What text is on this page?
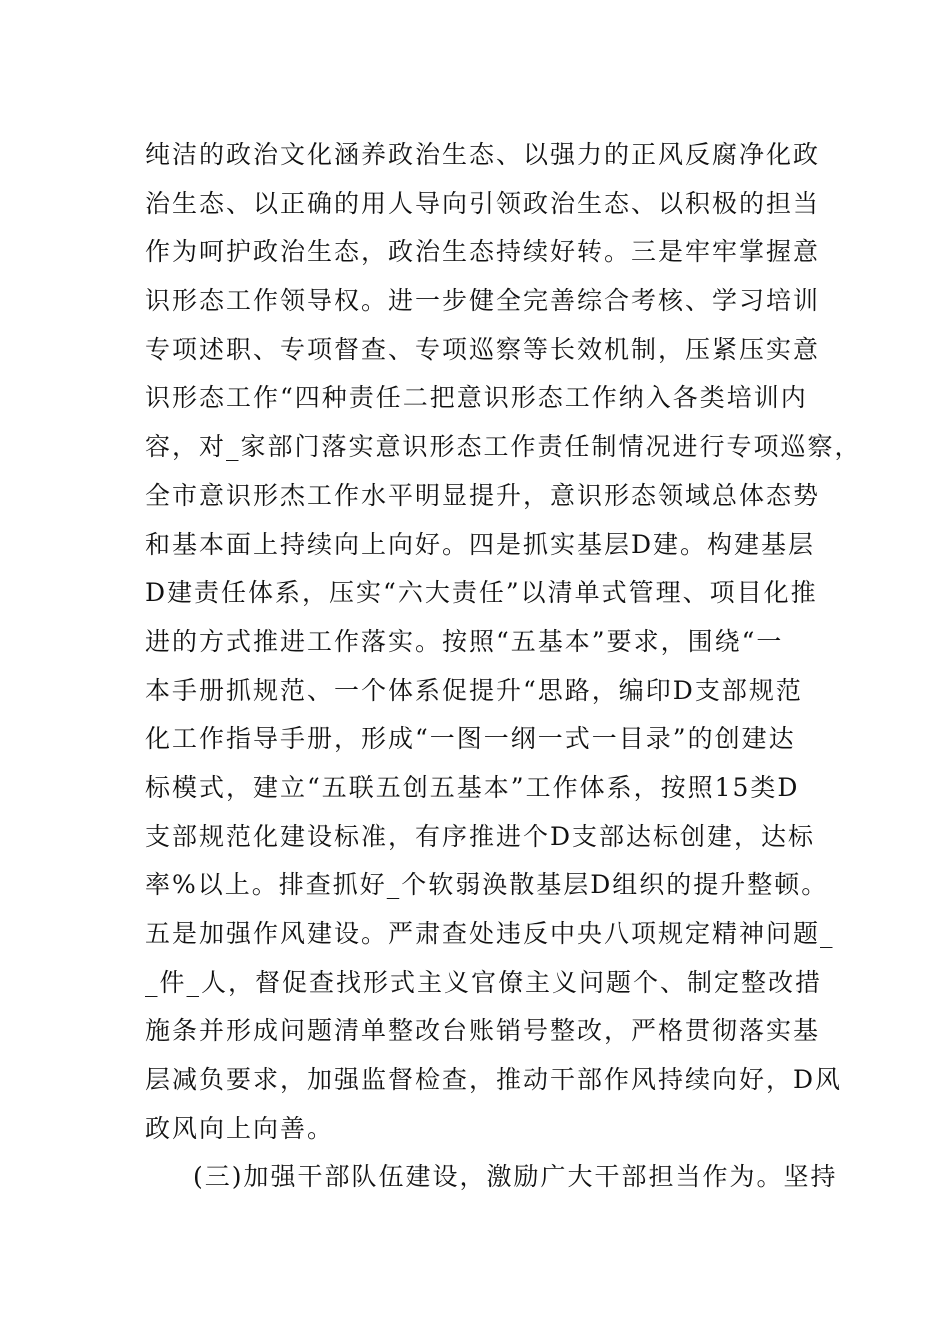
纯洁的政治文化涵养政治生态、以强力的正风反腐净化政
治生态、以正确的用人导向引领政治生态、以积极的担当
作为呵护政治生态，政治生态持续好转。三是牢牢掌握意
识形态工作领导权。进一步健全完善综合考核、学习培训
专项述职、专项督查、专项巡察等长效机制，压紧压实意
识形态工作“四种责任二把意识形态工作纳入各类培训内
容，对_家部门落实意识形态工作责任制情况进行专项巡察，
全市意识形杰工作水平明显提升，意识形态领域总体态势
和基本面上持续向上向好。四是抓实基层D建。构建基层
D建责任体系，压实“六大责任”以清单式管理、项目化推
进的方式推进工作落实。按照“五基本”要求，围绕“一
本手册抓规范、一个体系促提升“思路，编印D支部规范
化工作指导手册，形成“一图一纲一式一目录”的创建达
标模式，建立“五联五创五基本”工作体系，按照15类D
支部规范化建设标准，有序推进个D支部达标创建，达标
率%以上。排查抓好_个软弱涣散基层D组织的提升整顿。
五是加强作风建设。严肃查处违反中央八项规定精神问题_
_件_人，督促查找形式主义官僚主义问题个、制定整改措
施条并形成问题清单整改台账销号整改，严格贯彻落实基
层减负要求，加强监督检查，推动干部作风持续向好，D风
政风向上向善。
(三)加强干部队伍建设，激励广大干部担当作为。坚持
